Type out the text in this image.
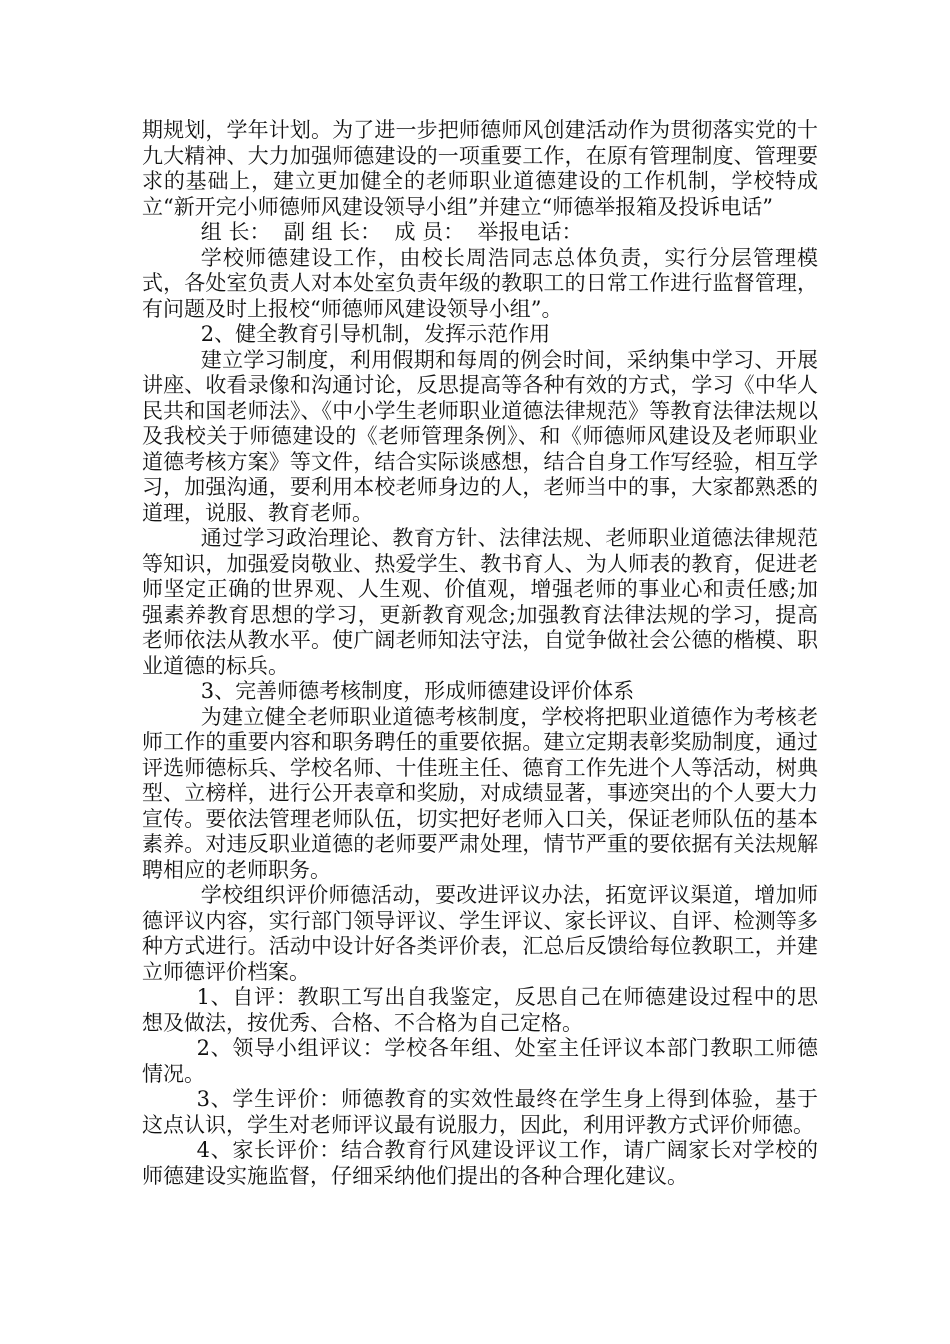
期规划，学年计划。为了进一步把师德师风创建活动作为贯彻落实党的十九大精神、大力加强师德建设的一项重要工作，在原有管理制度、管理要求的基础上，建立更加健全的老师职业道德建设的工作机制，学校特成立“新开完小师德师风建设领导小组”并建立“师德举报箱及投诉电话”

组 长：  副 组 长：  成 员：  举报电话：

学校师德建设工作，由校长周浩同志总体负责，实行分层管理模式，各处室负责人对本处室负责年级的教职工的日常工作进行监督管理，有问题及时上报校“师德师风建设领导小组”。

2、健全教育引导机制，发挥示范作用

建立学习制度，利用假期和每周的例会时间，采纳集中学习、开展讲座、收看录像和沟通讨论，反思提高等各种有效的方式，学习《中华人民共和国老师法》、《中小学生老师职业道德法律规范》等教育法律法规以及我校关于师德建设的《老师管理条例》、和《师德师风建设及老师职业道德考核方案》等文件，结合实际谈感想，结合自身工作写经验，相互学习，加强沟通，要利用本校老师身边的人，老师当中的事，大家都熟悉的道理，说服、教育老师。

通过学习政治理论、教育方针、法律法规、老师职业道德法律规范等知识，加强爱岗敬业、热爱学生、教书育人、为人师表的教育，促进老师坚定正确的世界观、人生观、价值观，增强老师的事业心和责任感;加强素养教育思想的学习，更新教育观念;加强教育法律法规的学习，提高老师依法从教水平。使广阔老师知法守法，自觉争做社会公德的楷模、职业道德的标兵。

3、完善师德考核制度，形成师德建设评价体系

为建立健全老师职业道德考核制度，学校将把职业道德作为考核老师工作的重要内容和职务聘任的重要依据。建立定期表彰奖励制度，通过评选师德标兵、学校名师、十佳班主任、德育工作先进个人等活动，树典型、立榜样，进行公开表章和奖励，对成绩显著，事迹突出的个人要大力宣传。要依法管理老师队伍，切实把好老师入口关，保证老师队伍的基本素养。对违反职业道德的老师要严肃处理，情节严重的要依据有关法规解聘相应的老师职务。

学校组织评价师德活动，要改进评议办法，拓宽评议渠道，增加师德评议内容，实行部门领导评议、学生评议、家长评议、自评、检测等多种方式进行。活动中设计好各类评价表，汇总后反馈给每位教职工，并建立师德评价档案。

1、自评：教职工写出自我鉴定，反思自己在师德建设过程中的思想及做法，按优秀、合格、不合格为自己定格。

2、领导小组评议：学校各年组、处室主任评议本部门教职工师德情况。

3、学生评价：师德教育的实效性最终在学生身上得到体验，基于这点认识，学生对老师评议最有说服力，因此，利用评教方式评价师德。

4、家长评价：结合教育行风建设评议工作，请广阔家长对学校的师德建设实施监督，仔细采纳他们提出的各种合理化建议。
